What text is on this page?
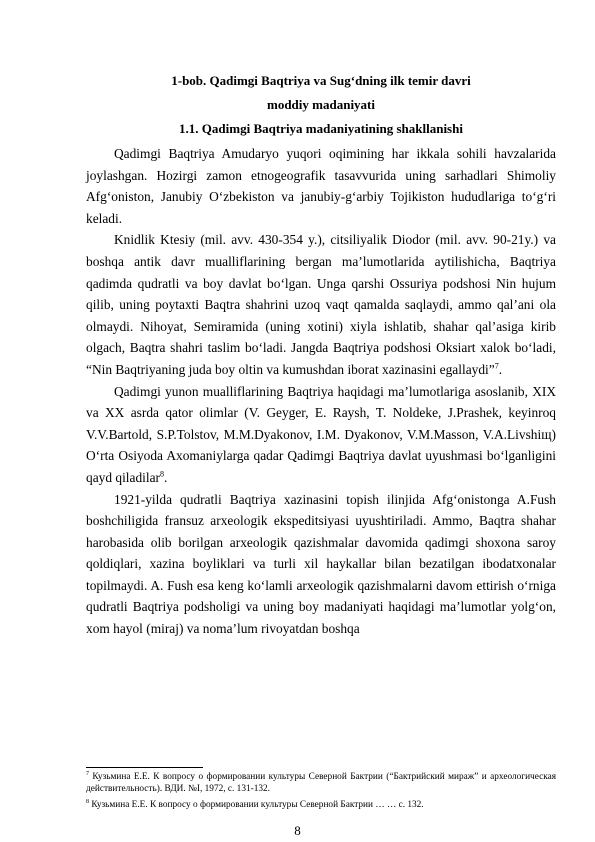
1-bob. Qadimgi Baqtriya va Sug‘dning ilk temir davri
moddiy madaniyati
1.1. Qadimgi Baqtriya madaniyatining shakllanishi

Qadimgi Baqtriya Amudaryo yuqori oqimining har ikkala sohili havzalarida joylashgan. Hozirgi zamon etnogeografik tasavvurida uning sarhadlari Shimoliy Afg‘oniston, Janubiy O‘zbekiston va janubiy-g‘arbiy Tojikiston hududlariga to‘g‘ri keladi.

Knidlik Ktesiy (mil. avv. 430-354 y.), citsiliyalik Diodor (mil. avv. 90-21y.) va boshqa antik davr mualliflarining bergan ma’lumotlarida aytilishicha, Baqtriya qadimda qudratli va boy davlat bo‘lgan. Unga qarshi Ossuriya podshosi Nin hujum qilib, uning poytaxti Baqtra shahrini uzoq vaqt qamalda saqlaydi, ammo qal’ani ola olmaydi. Nihoyat, Semiramida (uning xotini) xiyla ishlatib, shahar qal’asiga kirib olgach, Baqtra shahri taslim bo‘ladi. Jangda Baqtriya podshosi Oksiart xalok bo‘ladi, “Nin Baqtriyaning juda boy oltin va kumushdan iborat xazinasini egallaydi”$^7$.

Qadimgi yunon mualliflarining Baqtriya haqidagi ma’lumotlariga asoslanib, XIX va XX asrda qator olimlar (V. Geyger, E. Raysh, T. Noldeke, J.Prashek, keyinroq V.V.Bartold, S.P.Tolstov, M.M.Dyakonov, I.M. Dyakonov, V.M.Masson, V.A.Livshiщ) O‘rta Osiyoda Axomaniylarga qadar Qadimgi Baqtriya davlat uyushmasi bo‘lganligini qayd qiladilar$^8$.

1921-yilda qudratli Baqtriya xazinasini topish ilinjida Afg‘onistonga A.Fush boshchiligida fransuz arxeologik ekspeditsiyasi uyushtiriladi. Ammo, Baqtra shahar harobasida olib borilgan arxeologik qazishmalar davomida qadimgi shoxona saroy qoldiqlari, xazina boyliklari va turli xil haykallar bilan bezatilgan ibodatxonalar topilmaydi. A. Fush esa keng ko‘lamli arxeologik qazishmalarni davom ettirish o‘rniga qudratli Baqtriya podsholigi va uning boy madaniyati haqidagi ma’lumotlar yolg‘on, xom hayol (miraj) va noma’lum rivoyatdan boshqa

$^7$ Кузьмина Е.Е. К вопросу о формировании культуры Северной Бактрии (“Бактрийский мираж” и археологическая действительность). ВДИ. №I, 1972, с. 131-132.
$^8$ Кузьмина Е.Е. К вопросу о формировании культуры Северной Бактрии … … с. 132.
8
